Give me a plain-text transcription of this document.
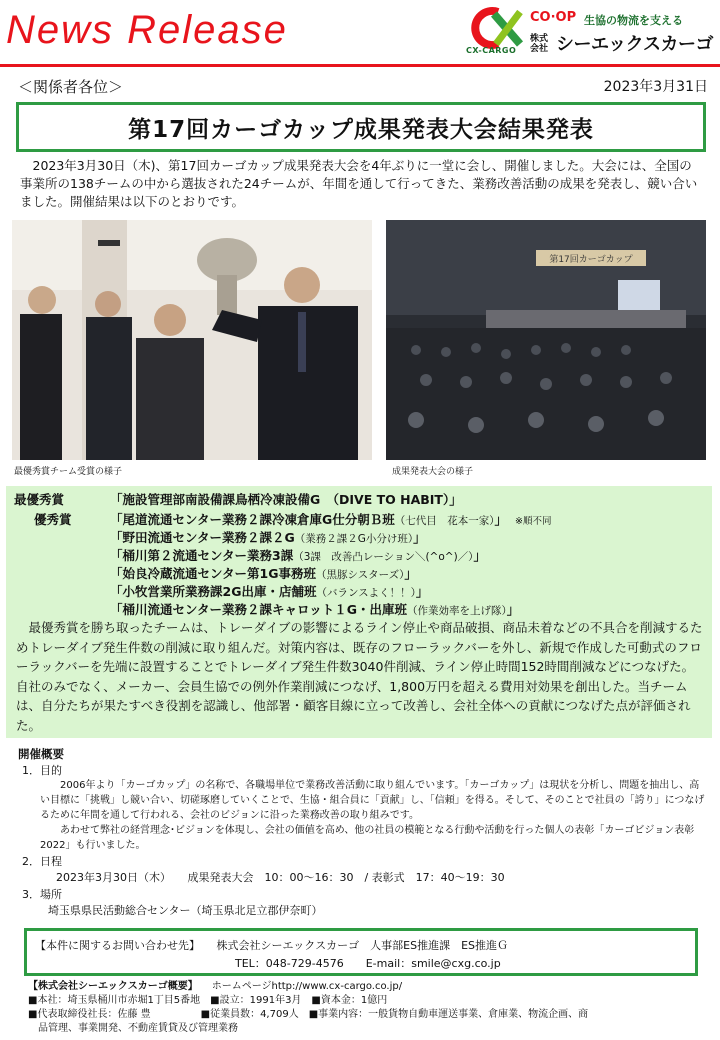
News Release	CX-CARGO
CO·OP 生協の物流を支える
株式会社 シーエックスカーゴ
＜関係者各位＞	2023年3月31日
第17回カーゴカップ成果発表大会結果発表

2023年3月30日（木)、第17回カーゴカップ成果発表大会を4年ぶりに一堂に会し、開催しました。大会には、全国の事業所の138チームの中から選抜された24チームが、年間を通して行ってきた、業務改善活動の成果を発表し、競い合いました。開催結果は以下のとおりです。

第17回カーゴカップ
最優秀賞チーム受賞の様子	成果発表大会の様子
最優秀賞	「施設管理部南設備課鳥栖冷凍設備G　（DIVE TO HABIT）」
優秀賞	「尾道流通センター業務２課冷凍倉庫G仕分朝Ｂ班（七代目　花本一家）」 ※順不同
「野田流通センター業務２課２G（業務２課２G小分け班）」
「桶川第２流通センター業務3課（3課　改善凸レーション＼(^o^)／）」
「始良冷蔵流通センター第1G事務班（黒豚シスターズ）」
「小牧営業所業務課2G出庫・店舗班（バランスよく！！）」
「桶川流通センター業務２課キャロット１G・出庫班（作業効率を上げ隊）」

最優秀賞を勝ち取ったチームは、トレーダイブの影響によるライン停止や商品破損、商品未着などの不具合を削減するためトレーダイブ発生件数の削減に取り組んだ。対策内容は、既存のフローラックバーを外し、新規で作成した可動式のフローラックバーを先端に設置することでトレーダイブ発生件数3040件削減、ライン停止時間152時間削減などにつなげた。自社のみでなく、メーカー、会員生協での例外作業削減につなげ、1,800万円を超える費用対効果を創出した。当チームは、自分たちが果たすべき役割を認識し、他部署・顧客目線に立って改善し、会社全体への貢献につなげた点が評価された。

開催概要
1．目的

2006年より「カーゴカップ」の名称で、各職場単位で業務改善活動に取り組んでいます。「カーゴカップ」は現状を分析し、問題を抽出し、高い目標に「挑戦」し競い合い、切磋琢磨していくことで、生協・組合員に「貢献」し、「信頼」を得る。そして、そのことで社員の「誇り」につなげるために年間を通して行われる、会社のビジョンに沿った業務改善の取り組みです。

あわせて弊社の経営理念･ビジョンを体現し、会社の価値を高め、他の社員の模範となる行動や活動を行った個人の表彰「カーゴビジョン表彰2022」も行いました。

2．日程
2023年3月30日（木）　　成果発表大会　10：00～16：30　/ 表彰式　17：40～19：30
3．場所
埼玉県県民活動総合センター（埼玉県北足立郡伊奈町）
【本件に関するお問い合わせ先】　　株式会社シーエックスカーゴ　人事部ES推進課　ES推進Ｇ
TEL：048-729-4576　　E-mail：smile@cxg.co.jp
【株式会社シーエックスカーゴ概要】 ホームページhttp://www.cx-cargo.co.jp/
■本社：埼玉県桶川市赤堀1丁目5番地　■設立：1991年3月　■資本金：1億円
■代表取締役社長：佐藤 豊　　　　　■従業員数：4,709人　■事業内容：一般貨物自動車運送事業、倉庫業、物流企画、商
　品管理、事業開発、不動産賃貸及び管理業務
